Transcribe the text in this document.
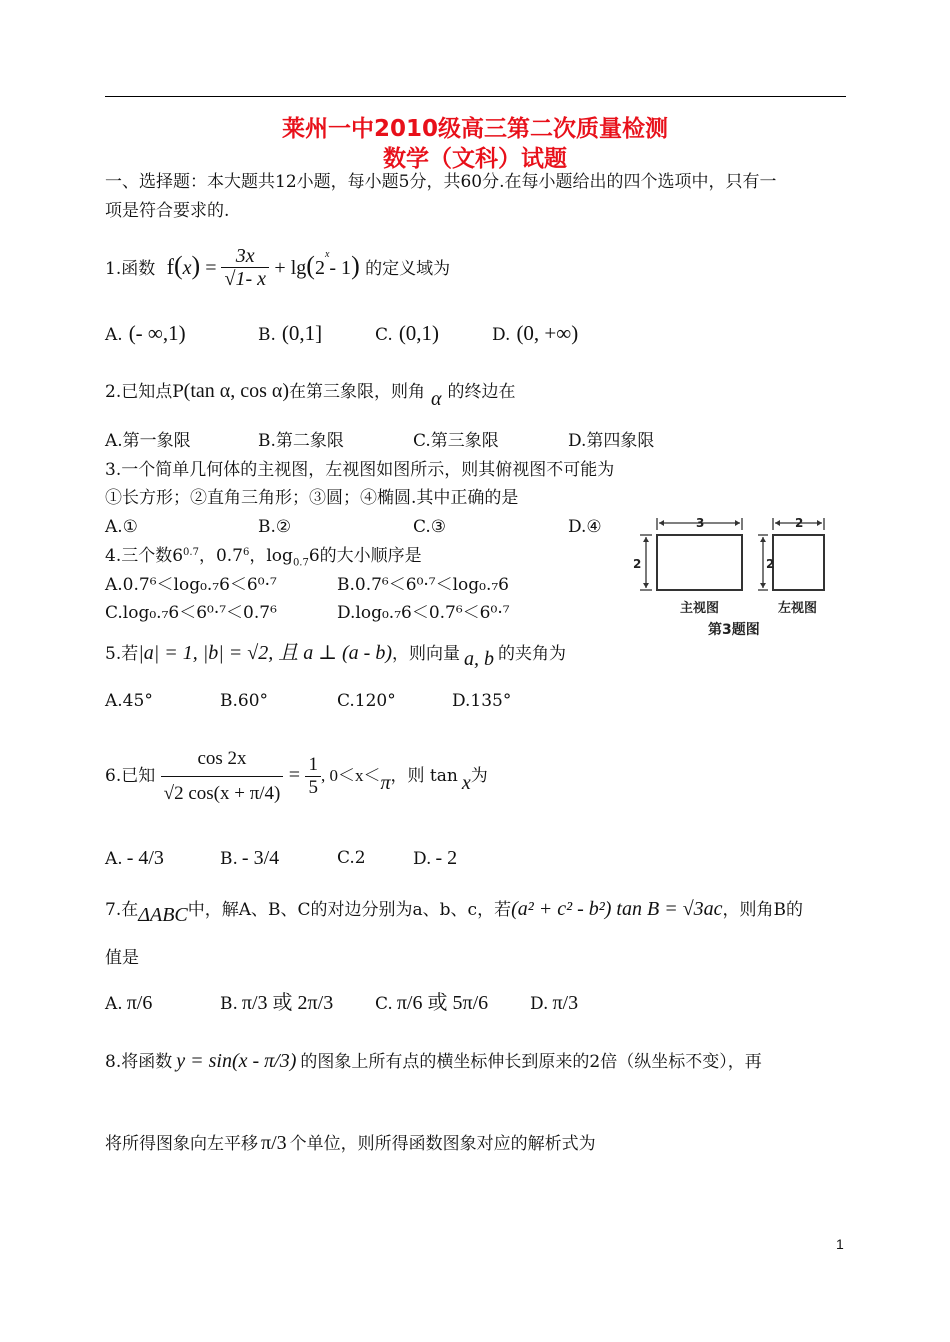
莱州一中2010级高三第二次质量检测
数学（文科）试题
一、选择题：本大题共12小题，每小题5分，共60分.在每小题给出的四个选项中，只有一
项是符合要求的.
1.函数 $f(x) = \frac{3x}{√1- x} + \lg(2^x-$ 1) 的定义域为
A. (- ∞,1)	B. (0,1]	C. (0,1)	D. (0, +∞)
2.已知点P(tan α, cos α)在第三象限，则角 α 的终边在
A.第一象限	B.第二象限	C.第三象限	D.第四象限
3.一个简单几何体的主视图，左视图如图所示，则其俯视图不可能为
①长方形；②直角三角形；③圆；④椭圆.其中正确的是
A.①	B.②	C.③	D.④	3
2
2
2
主视图	左视图
第3题图
4.三个数$6^{0.7}$，$0.7^6$，$\log_{0.7}6$的大小顺序是
A.0.7⁶＜log₀.₇6＜6⁰·⁷	B.0.7⁶＜6⁰·⁷＜log₀.₇6
C.log₀.₇6＜6⁰·⁷＜0.7⁶	D.log₀.₇6＜0.7⁶＜6⁰·⁷
5.若|a| = 1, |b| = √2, 且 a ⊥ (a - b)，则向量 a, b 的夹角为
A.45°	B.60°	C.120°	D.135°
6.已知 $\frac{\cos 2x}{√2 \cos(x + \pi/4)} = \frac{1}{5}$ , 0＜x＜π，则 tan x为
A. - 4/3	B. - 3/4	C.2	D. - 2
7.在ΔABC中，解A、B、C的对边分别为a、b、c，若(a² + c² - b²) tan B = √3ac，则角B的
值是
A. π/6	B. π/3 或 2π/3 C. π/6 或 5π/6 D. π/3
8.将函数 y = sin(x - π/3) 的图象上所有点的横坐标伸长到原来的2倍（纵坐标不变），再
将所得图象向左平移 π/3 个单位，则所得函数图象对应的解析式为
1
